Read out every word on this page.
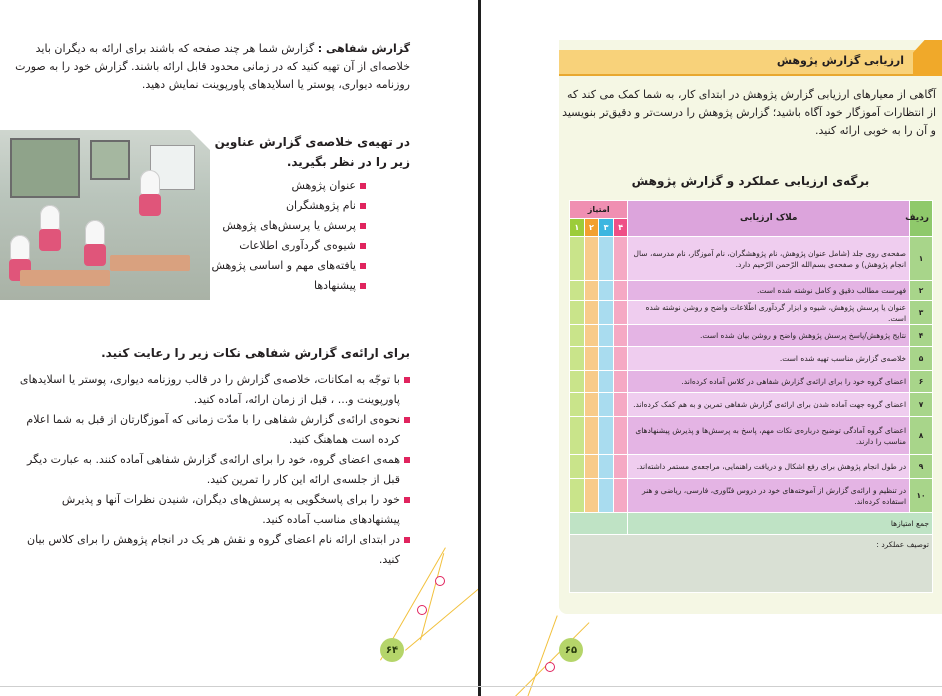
گزارش شفاهی : گزارش شما هر چند صفحه که باشند برای ارائه به دیگران باید خلاصه‌ای از آن تهیه کنید که در زمانی محدود قابل ارائه باشند. گزارش خود را به صورت روزنامه دیواری، پوستر یا اسلایدهای پاورپوینت نمایش دهید.
در تهیه‌ی خلاصه‌ی گزارش عناوین زیر را در نظر بگیرید.
عنوان پژوهش
نام پژوهشگران
پرسش یا پرسش‌های پژوهش
شیوه‌ی گردآوری اطلاعات
یافته‌های مهم و اساسی پژوهش
پیشنهادها
برای ارائه‌ی گزارش شفاهی نکات زیر را رعایت کنید.
با توجّه به امکانات، خلاصه‌ی گزارش را در قالب روزنامه دیواری، پوستر یا اسلایدهای پاورپوینت و... ، قبل از زمان ارائه، آماده کنید.
نحوه‌ی ارائه‌ی گزارش شفاهی را با مدّت زمانی که آموزگارتان از قبل به شما اعلام کرده است هماهنگ کنید.
همه‌ی اعضای گروه، خود را برای ارائه‌ی گزارش شفاهی آماده کنند. به عبارت دیگر قبل از جلسه‌ی ارائه این کار را تمرین کنید.
خود را برای پاسخگویی به پرسش‌های دیگران، شنیدن نظرات آنها و پذیرش پیشنهادهای مناسب آماده کنید.
در ابتدای ارائه نام اعضای گروه و نقش هر یک در انجام پژوهش را برای کلاس بیان کنید.
۶۴
ارزیابی گزارش پژوهش
آگاهی از معیارهای ارزیابی گزارش پژوهش در ابتدای کار، به شما کمک می کند که از انتظارات آموزگار خود آگاه باشید؛ گزارش پژوهش را درست‌تر و دقیق‌تر بنویسید و آن را به خوبی ارائه کنید.
برگه‌ی ارزیابی عملکرد و گزارش پژوهش
ردیف	ملاک ارزیابی	امتیاز			
		۴	۳	۲	۱
۱	صفحه‌ی روی جلد (شامل عنوان پژوهش، نام پژوهشگران، نام آموزگار، نام مدرسه، سال انجام پژوهش) و صفحه‌ی بسم‌الله الرّحمن الرّحیم دارد.				
۲	فهرست مطالب دقیق و کامل نوشته شده است.				
۳	عنوان یا پرسش پژوهش، شیوه و ابزار گردآوری اطّلاعات واضح و روشن نوشته شده است.				
۴	نتایج پژوهش/پاسخ پرسش پژوهش واضح و روشن بیان شده است.				
۵	خلاصه‌ی گزارش مناسب تهیه شده است.				
۶	اعضای گروه خود را برای ارائه‌ی گزارش شفاهی در کلاس آماده کرده‌اند.				
۷	اعضای گروه جهت آماده شدن برای ارائه‌ی گزارش شفاهی تمرین و به هم کمک کرده‌اند.				
۸	اعضای گروه آمادگی توضیح درباره‌ی نکات مهم، پاسخ به پرسش‌ها و پذیرش پیشنهادهای مناسب را دارند.				
۹	در طول انجام پژوهش برای رفع اشکال و دریافت راهنمایی، مراجعه‌ی مستمر داشته‌اند.				
۱۰	در تنظیم و ارائه‌ی گزارش از آموخته‌های خود در دروس فنّاوری، فارسی، ریاضی و هنر استفاده کرده‌اند.				
جمع امتیازها					
توصیف عملکرد :					
۶۵
